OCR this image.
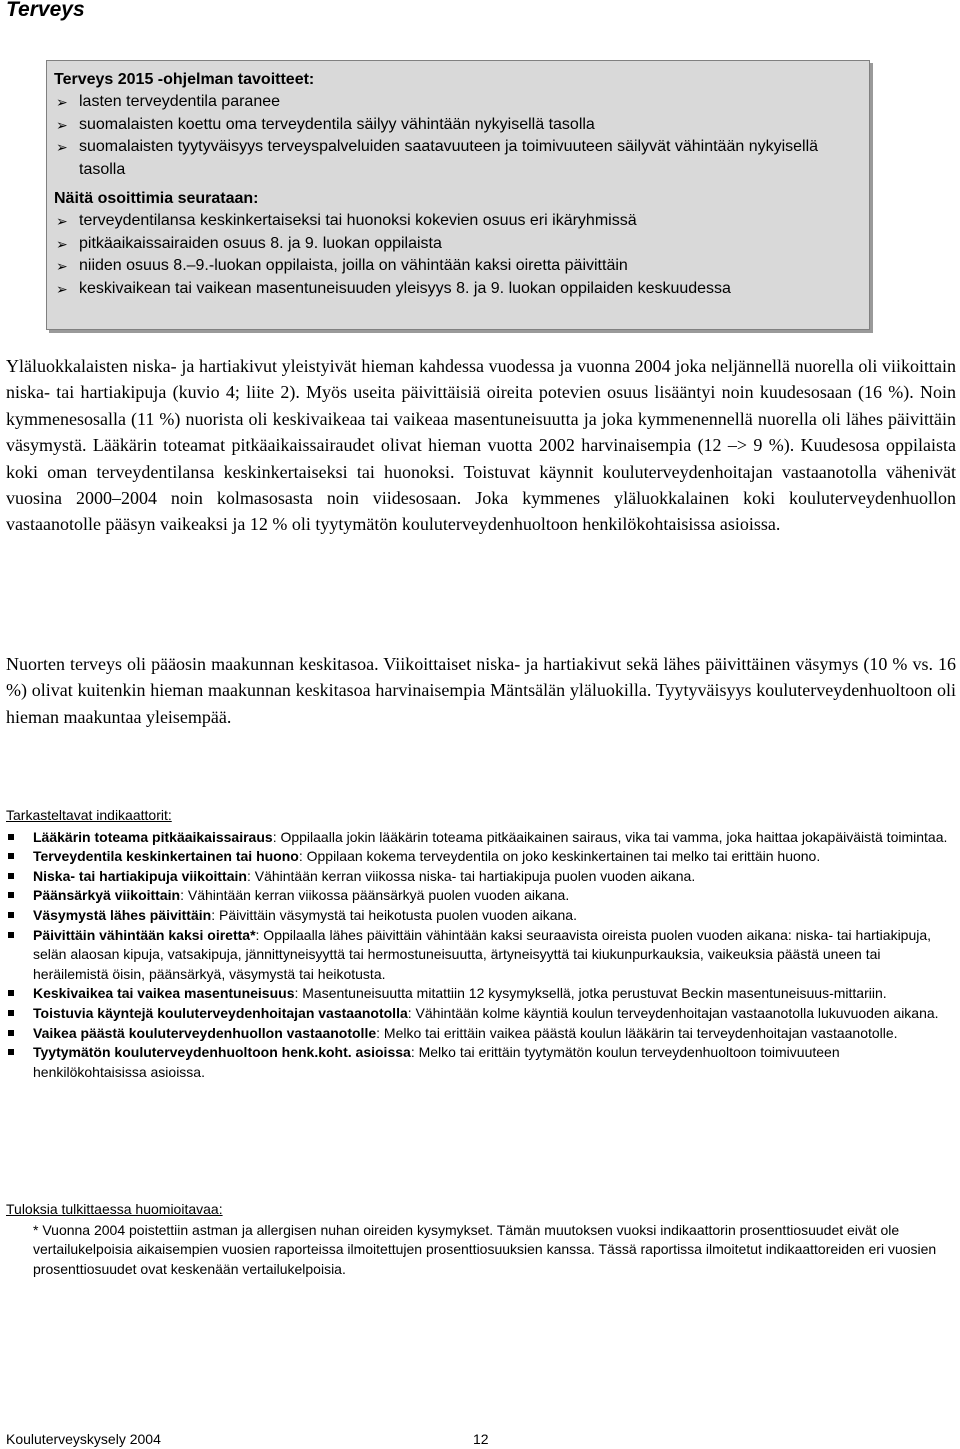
Terveys
Terveys 2015 -ohjelman tavoitteet:
➢ lasten terveydentila paranee
➢ suomalaisten koettu oma terveydentila säilyy vähintään nykyisellä tasolla
➢ suomalaisten tyytyväisyys terveyspalveluiden saatavuuteen ja toimivuuteen säilyvät vähintään nykyisellä tasolla
Näitä osoittimia seurataan:
➢ terveydentilansa keskinkertaiseksi tai huonoksi kokevien osuus eri ikäryhmissä
➢ pitkäaikaissairaiden osuus 8. ja 9. luokan oppilaista
➢ niiden osuus 8.–9.-luokan oppilaista, joilla on vähintään kaksi oiretta päivittäin
➢ keskivaikean tai vaikean masentuneisuuden yleisyys 8. ja 9. luokan oppilaiden keskuudessa

Yläluokkalaisten niska- ja hartiakivut yleistyivät hieman kahdessa vuodessa ja vuonna 2004 joka neljännellä nuorella oli viikoittain niska- tai hartiakipuja (kuvio 4; liite 2). Myös useita päivittäisiä oireita potevien osuus lisääntyi noin kuudesosaan (16 %). Noin kymmenesosalla (11 %) nuorista oli keskivaikeaa tai vaikeaa masentuneisuutta ja joka kymmenennellä nuorella oli lähes päivittäin väsymystä. Lääkärin toteamat pitkäaikaissairaudet olivat hieman vuotta 2002 harvinaisempia (12 –> 9 %). Kuudesosa oppilaista koki oman terveydentilansa keskinkertaiseksi tai huonoksi. Toistuvat käynnit kouluterveydenhoitajan vastaanotolla vähenivät vuosina 2000–2004 noin kolmasosasta noin viidesosaan. Joka kymmenes yläluokkalainen koki kouluterveydenhuollon vastaanotolle pääsyn vaikeaksi ja 12 % oli tyytymätön kouluterveydenhuoltoon henkilökohtaisissa asioissa.

Nuorten terveys oli pääosin maakunnan keskitasoa. Viikoittaiset niska- ja hartiakivut sekä lähes päivittäinen väsymys (10 % vs. 16 %) olivat kuitenkin hieman maakunnan keskitasoa harvinaisempia Mäntsälän yläluokilla. Tyytyväisyys kouluterveydenhuoltoon oli hieman maakuntaa yleisempää.

Tarkasteltavat indikaattorit:
Lääkärin toteama pitkäaikaissairaus: Oppilaalla jokin lääkärin toteama pitkäaikainen sairaus, vika tai vamma, joka haittaa jokapäiväistä toimintaa.
Terveydentila keskinkertainen tai huono: Oppilaan kokema terveydentila on joko keskinkertainen tai melko tai erittäin huono.
Niska- tai hartiakipuja viikoittain: Vähintään kerran viikossa niska- tai hartiakipuja puolen vuoden aikana.
Päänsärkyä viikoittain: Vähintään kerran viikossa päänsärkyä puolen vuoden aikana.
Väsymystä lähes päivittäin: Päivittäin väsymystä tai heikotusta puolen vuoden aikana.
Päivittäin vähintään kaksi oiretta*: Oppilaalla lähes päivittäin vähintään kaksi seuraavista oireista puolen vuoden aikana: niska- tai hartiakipuja, selän alaosan kipuja, vatsakipuja, jännittyneisyyttä tai hermostuneisuutta, ärtyneisyyttä tai kiukunpurkauksia, vaikeuksia päästä uneen tai heräilemistä öisin, päänsärkyä, väsymystä tai heikotusta.
Keskivaikea tai vaikea masentuneisuus: Masentuneisuutta mitattiin 12 kysymyksellä, jotka perustuvat Beckin masentuneisuus-mittariin.
Toistuvia käyntejä kouluterveydenhoitajan vastaanotolla: Vähintään kolme käyntiä koulun terveydenhoitajan vastaanotolla lukuvuoden aikana.
Vaikea päästä kouluterveydenhuollon vastaanotolle: Melko tai erittäin vaikea päästä koulun lääkärin tai terveydenhoitajan vastaanotolle.
Tyytymätön kouluterveydenhuoltoon henk.koht. asioissa: Melko tai erittäin tyytymätön koulun terveydenhuoltoon toimivuuteen henkilökohtaisissa asioissa.
Tuloksia tulkittaessa huomioitavaa:
* Vuonna 2004 poistettiin astman ja allergisen nuhan oireiden kysymykset. Tämän muutoksen vuoksi indikaattorin prosenttiosuudet eivät ole vertailukelpoisia aikaisempien vuosien raporteissa ilmoitettujen prosenttiosuuksien kanssa. Tässä raportissa ilmoitetut indikaattoreiden eri vuosien prosenttiosuudet ovat keskenään vertailukelpoisia.
Kouluterveyskysely 2004	12
